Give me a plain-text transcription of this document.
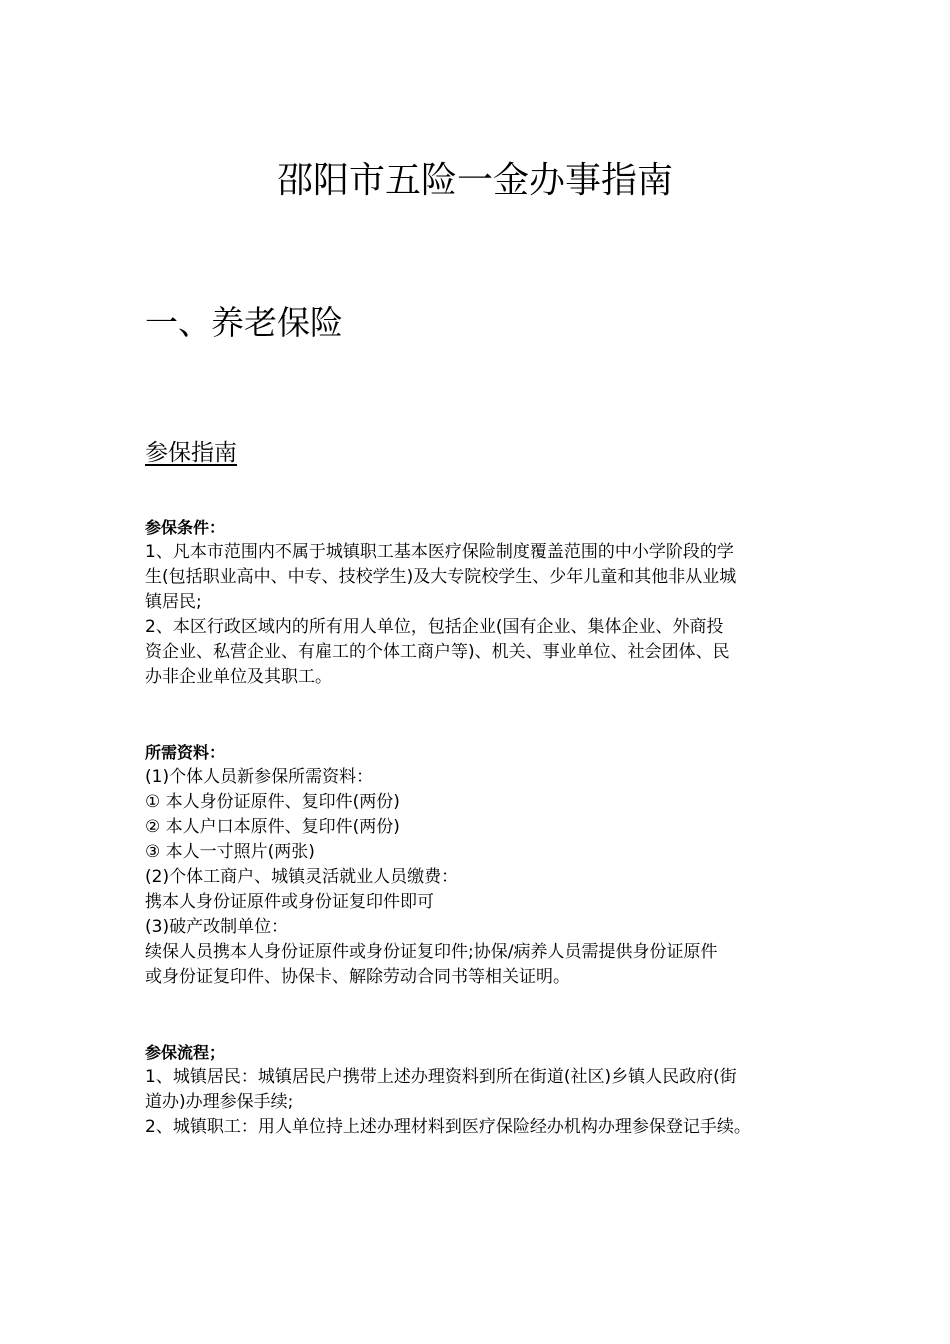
邵阳市五险一金办事指南
一、养老保险
参保指南

参保条件：

1、凡本市范围内不属于城镇职工基本医疗保险制度覆盖范围的中小学阶段的学

生(包括职业高中、中专、技校学生)及大专院校学生、少年儿童和其他非从业城

镇居民;

2、本区行政区域内的所有用人单位，包括企业(国有企业、集体企业、外商投

资企业、私营企业、有雇工的个体工商户等)、机关、事业单位、社会团体、民

办非企业单位及其职工。

所需资料：

(1)个体人员新参保所需资料：

① 本人身份证原件、复印件(两份)

② 本人户口本原件、复印件(两份)

③ 本人一寸照片(两张)

(2)个体工商户、城镇灵活就业人员缴费：

携本人身份证原件或身份证复印件即可

(3)破产改制单位：

续保人员携本人身份证原件或身份证复印件;协保/病养人员需提供身份证原件

或身份证复印件、协保卡、解除劳动合同书等相关证明。

参保流程；

1、城镇居民：城镇居民户携带上述办理资料到所在街道(社区)乡镇人民政府(街

道办)办理参保手续;

2、城镇职工：用人单位持上述办理材料到医疗保险经办机构办理参保登记手续。
